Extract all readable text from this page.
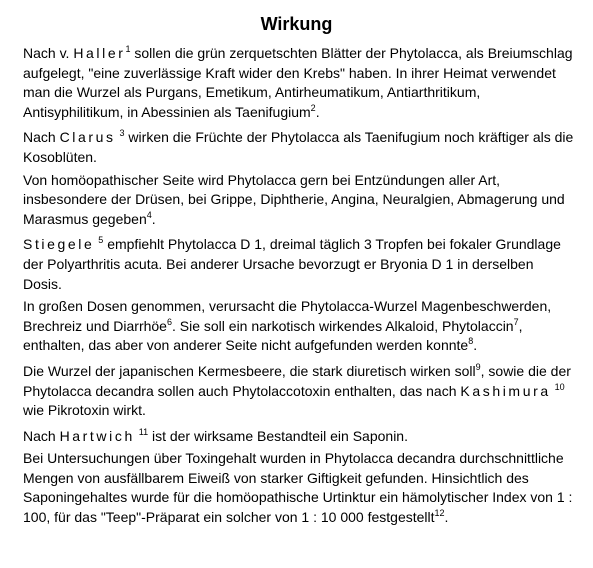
Wirkung

Nach v. Haller$^1$ sollen die grün zerquetschten Blätter der Phytolacca, als Breiumschlag aufgelegt, "eine zuverlässige Kraft wider den Krebs" haben. In ihrer Heimat verwendet man die Wurzel als Purgans, Emetikum, Antirheumatikum, Antiarthritikum, Antisyphilitikum, in Abessinien als Taenifugium$^2$.

Nach Clarus $^3$ wirken die Früchte der Phytolacca als Taenifugium noch kräftiger als die Kosoblüten.

Von homöopathischer Seite wird Phytolacca gern bei Entzündungen aller Art, insbesondere der Drüsen, bei Grippe, Diphtherie, Angina, Neuralgien, Abmagerung und Marasmus gegeben$^4$.

Stiegele $^5$ empfiehlt Phytolacca D 1, dreimal täglich 3 Tropfen bei fokaler Grundlage der Polyarthritis acuta. Bei anderer Ursache bevorzugt er Bryonia D 1 in derselben Dosis.

In großen Dosen genommen, verursacht die Phytolacca-Wurzel Magenbeschwerden, Brechreiz und Diarrhöe$^6$. Sie soll ein narkotisch wirkendes Alkaloid, Phytolaccin$^7$, enthalten, das aber von anderer Seite nicht aufgefunden werden konnte$^8$.

Die Wurzel der japanischen Kermesbeere, die stark diuretisch wirken soll$^9$, sowie die der Phytolacca decandra sollen auch Phytolaccotoxin enthalten, das nach Kashimura $^{10}$ wie Pikrotoxin wirkt.

Nach Hartwich $^{11}$ ist der wirksame Bestandteil ein Saponin.

Bei Untersuchungen über Toxingehalt wurden in Phytolacca decandra durchschnittliche Mengen von ausfällbarem Eiweiß von starker Giftigkeit gefunden. Hinsichtlich des Saponingehaltes wurde für die homöopathische Urtinktur ein hämolytischer Index von 1 : 100, für das "Teep"-Präparat ein solcher von 1 : 10 000 festgestellt$^{12}$.
